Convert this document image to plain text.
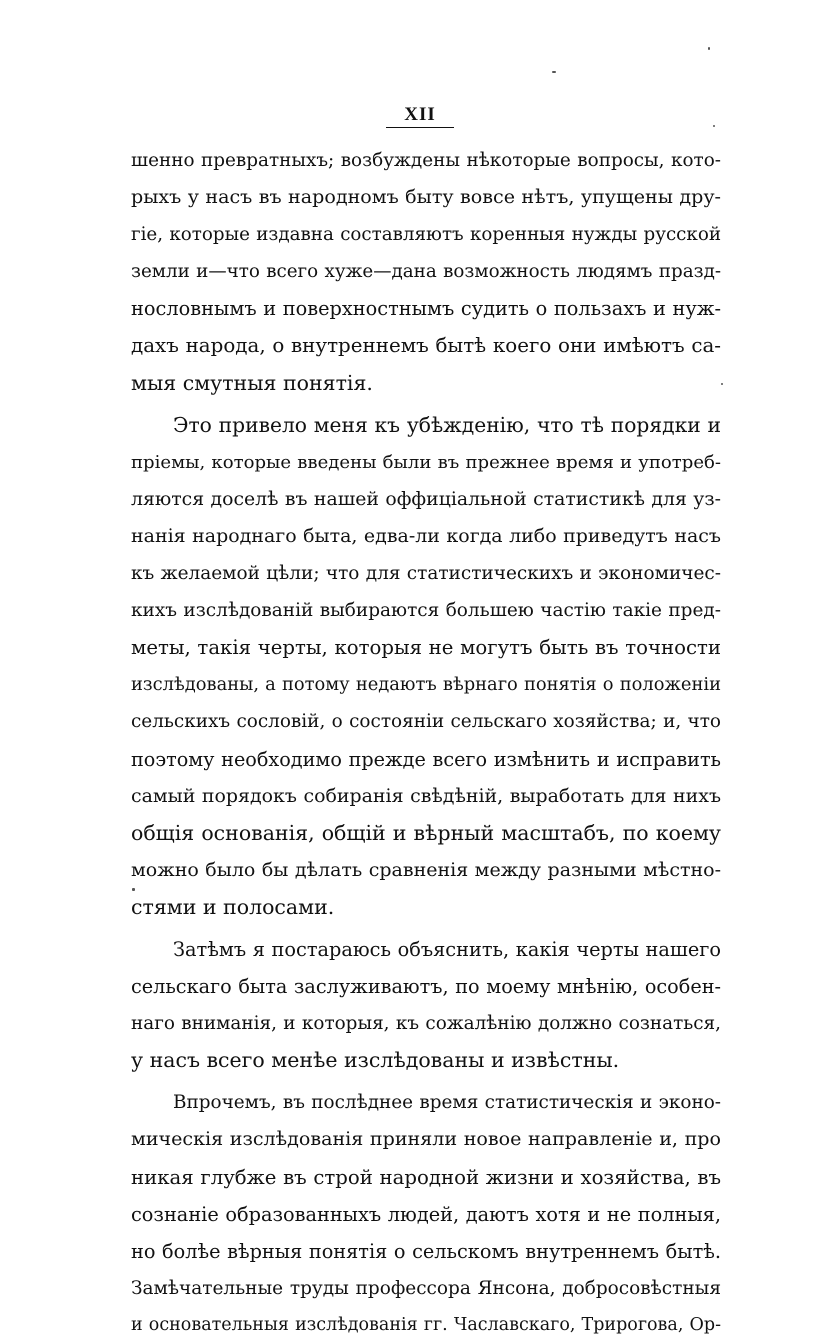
XII
шенно превратныхъ; возбуждены нѣкоторые вопросы, кото-
рыхъ у насъ въ народномъ быту вовсе нѣтъ, упущены дру-
гіе, которые издавна составляютъ коренныя нужды русской
земли и—что всего хуже—дана возможность людямъ празд-
нословнымъ и поверхностнымъ судить о пользахъ и нуж-
дахъ народа, о внутреннемъ бытѣ коего они имѣютъ са-
мыя смутныя понятія.
Это привело меня къ убѣжденію, что тѣ порядки и
пріемы, которые введены были въ прежнее время и употреб-
ляются доселѣ въ нашей оффиціальной статистикѣ для уз-
нанія народнаго быта, едва-ли когда либо приведутъ насъ
къ желаемой цѣли; что для статистическихъ и экономичес-
кихъ изслѣдованій выбираются большею частію такіе пред-
меты, такія черты, которыя не могутъ быть въ точности
изслѣдованы, а потому недаютъ вѣрнаго понятія о положеніи
сельскихъ сословій, о состояніи сельскаго хозяйства; и, что
поэтому необходимо прежде всего измѣнить и исправить
самый порядокъ собиранія свѣдѣній, выработать для нихъ
общія основанія, общій и вѣрный масштабъ, по коему
можно было бы дѣлать сравненія между разными мѣстно-
стями и полосами.
Затѣмъ я постараюсь объяснить, какія черты нашего
сельскаго быта заслуживаютъ, по моему мнѣнію, особен-
наго вниманія, и которыя, къ сожалѣнію должно сознаться,
у насъ всего менѣе изслѣдованы и извѣстны.
Впрочемъ, въ послѣднее время статистическія и эконо-
мическія изслѣдованія приняли новое направленіе и, про
никая глубже въ строй народной жизни и хозяйства, въ
сознаніе образованныхъ людей, даютъ хотя и не полныя,
но болѣе вѣрныя понятія о сельскомъ внутреннемъ бытѣ.
Замѣчательные труды профессора Янсона, добросовѣстныя
и основательныя изслѣдованія гг. Чаславскаго, Трирогова, Ор-
